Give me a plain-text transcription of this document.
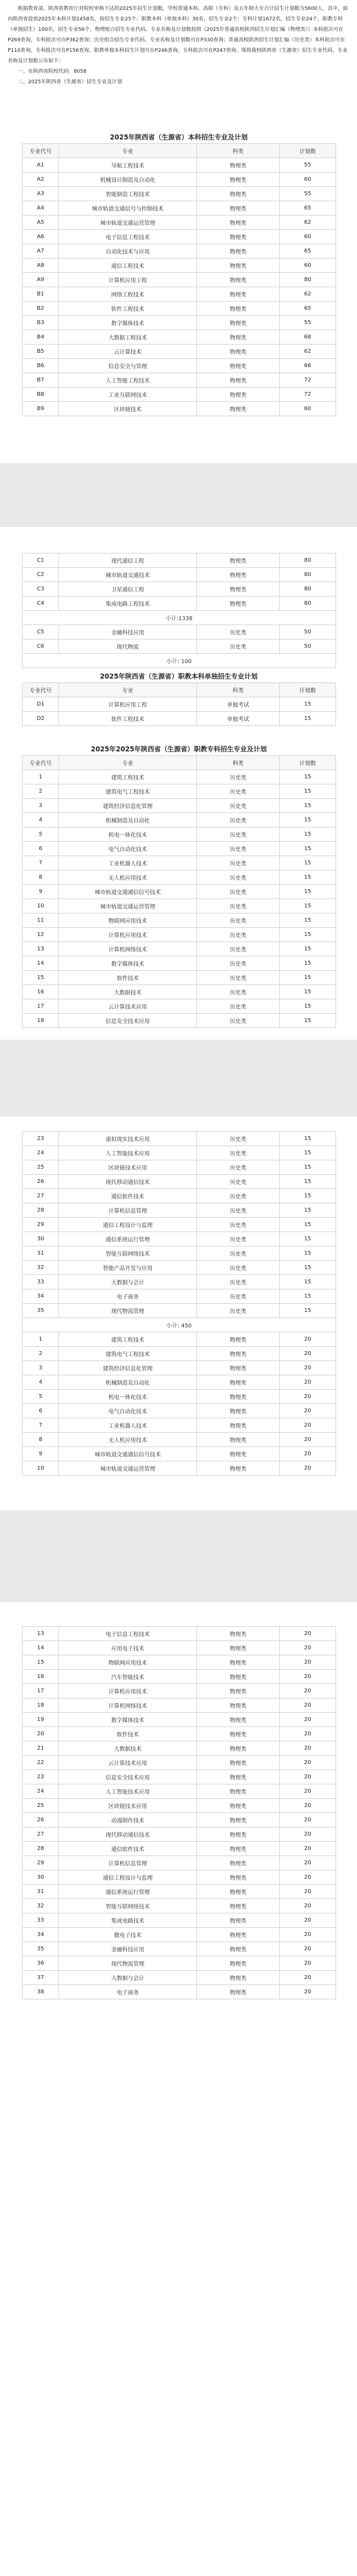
根据教育部、陕西省教育厅对院校审核下达的2025年招生计划数，学校普通本科、高职（专科）及五年制大专合计招生计划数为5600人，其中，面向陕西省投放2025年本科计划1458名，按招生专业25个；职教本科（单独本科）30名，招生专业2个；专科计划1672名，招生专业24个，职教专科（单独招生）100名，招生专业56个，物理组合招生专业代码、专业名称及计划数按照《2025年普通高校陕西招生计划汇编（物理类）》本科批次可在P269查询，专科批次可在P362查询；历史组合招生专业代码、专业名称及计划数可在P330查询；普通高校陕西招生计划汇编（历史类）本科批次可在P110查询，专科批次可在P156查询，职教单独本科招生计划可在P246查询，专科批次可在P247查询。现将我校陕西省（生源省）招生专业代码、专业名称及计划数公布如下：

一、在陕西省院校代码：8058
二、2025年陕西省（生源省）招生专业及计划
2025年陕西省（生源省）本科招生专业及计划
专业代号	专业	科类	计划数
A1	导航工程技术	物理类	55
A2	机械设计制造及自动化	物理类	60
A3	智能制造工程技术	物理类	55
A4	城市轨道交通信号与控制技术	物理类	65
A5	城市轨道交通运营管理	物理类	62
A6	电子信息工程技术	物理类	60
A7	自动化技术与应用	物理类	65
A8	通信工程技术	物理类	60
A9	计算机应用工程	物理类	80
B1	网络工程技术	物理类	62
B2	软件工程技术	物理类	65
B3	数字媒体技术	物理类	55
B4	大数据工程技术	物理类	68
B5	云计算技术	物理类	62
B6	信息安全与管理	物理类	66
B7	人工智能工程技术	物理类	72
B8	工业互联网技术	物理类	72
B9	区块链技术	物理类	60
C1	现代通信工程	物理类	80
C2	城市轨道交通技术	物理类	80
C3	卫星通信工程	物理类	80
C4	集成电路工程技术	物理类	80
小计:1338			
C5	金融科技应用	历史类	50
C6	现代物流	历史类	50
小计: 100			
2025年陕西省（生源省）职教本科单独招生专业计划
专业代号	专业	科类	计划数
D1	计算机应用工程	单独考试	15
D2	软件工程技术	单独考试	15
2025年2025年陕西省（生源省）职教专科招生专业及计划
专业代号	专业	科类	计划数
1	建筑工程技术	历史类	15
2	建筑电气工程技术	历史类	15
3	建筑经济信息化管理	历史类	15
4	机械制造及自动化	历史类	15
5	机电一体化技术	历史类	15
6	电气自动化技术	历史类	15
7	工业机器人技术	历史类	15
8	无人机应用技术	历史类	15
9	城市轨道交通通信信号技术	历史类	15
10	城市轨道交通运营管理	历史类	15
11	物联网应用技术	历史类	15
12	计算机应用技术	历史类	15
13	计算机网络技术	历史类	15
14	数字媒体技术	历史类	15
15	软件技术	历史类	15
16	大数据技术	历史类	15
17	云计算技术应用	历史类	15
18	信息安全技术应用	历史类	15
23	虚拟现实技术应用	历史类	15
24	人工智能技术应用	历史类	15
25	区块链技术应用	历史类	15
26	现代移动通信技术	历史类	15
27	通信软件技术	历史类	15
28	计算机信息管理	历史类	15
29	通信工程设计与监理	历史类	15
30	通信系统运行管理	历史类	15
31	智能互联网络技术	历史类	15
32	智能产品开发与应用	历史类	15
33	大数据与会计	历史类	15
34	电子商务	历史类	15
35	现代物流管理	历史类	15
小计: 450			
1	建筑工程技术	物理类	20
2	建筑电气工程技术	物理类	20
3	建筑经济信息化管理	物理类	20
4	机械制造及自动化	物理类	20
5	机电一体化技术	物理类	20
6	电气自动化技术	物理类	20
7	工业机器人技术	物理类	20
8	无人机应用技术	物理类	20
9	城市轨道交通通信信号技术	物理类	20
10	城市轨道交通运营管理	物理类	20
13	电子信息工程技术	物理类	20
14	应用电子技术	物理类	20
15	物联网应用技术	物理类	20
16	汽车智能技术	物理类	20
17	计算机应用技术	物理类	20
18	计算机网络技术	物理类	20
19	数字媒体技术	物理类	20
20	软件技术	物理类	20
21	大数据技术	物理类	20
22	云计算技术应用	物理类	20
23	信息安全技术应用	物理类	20
24	人工智能技术应用	物理类	20
25	区块链技术应用	物理类	20
26	动漫制作技术	物理类	20
27	现代移动通信技术	物理类	20
28	通信软件技术	物理类	20
29	计算机信息管理	物理类	20
30	通信工程设计与监理	物理类	20
31	通信系统运行管理	物理类	20
32	智能互联网络技术	物理类	20
33	集成电路技术	物理类	20
34	微电子技术	物理类	20
35	金融科技应用	物理类	20
36	现代物流管理	物理类	20
37	大数据与会计	物理类	20
38	电子商务	物理类	20
